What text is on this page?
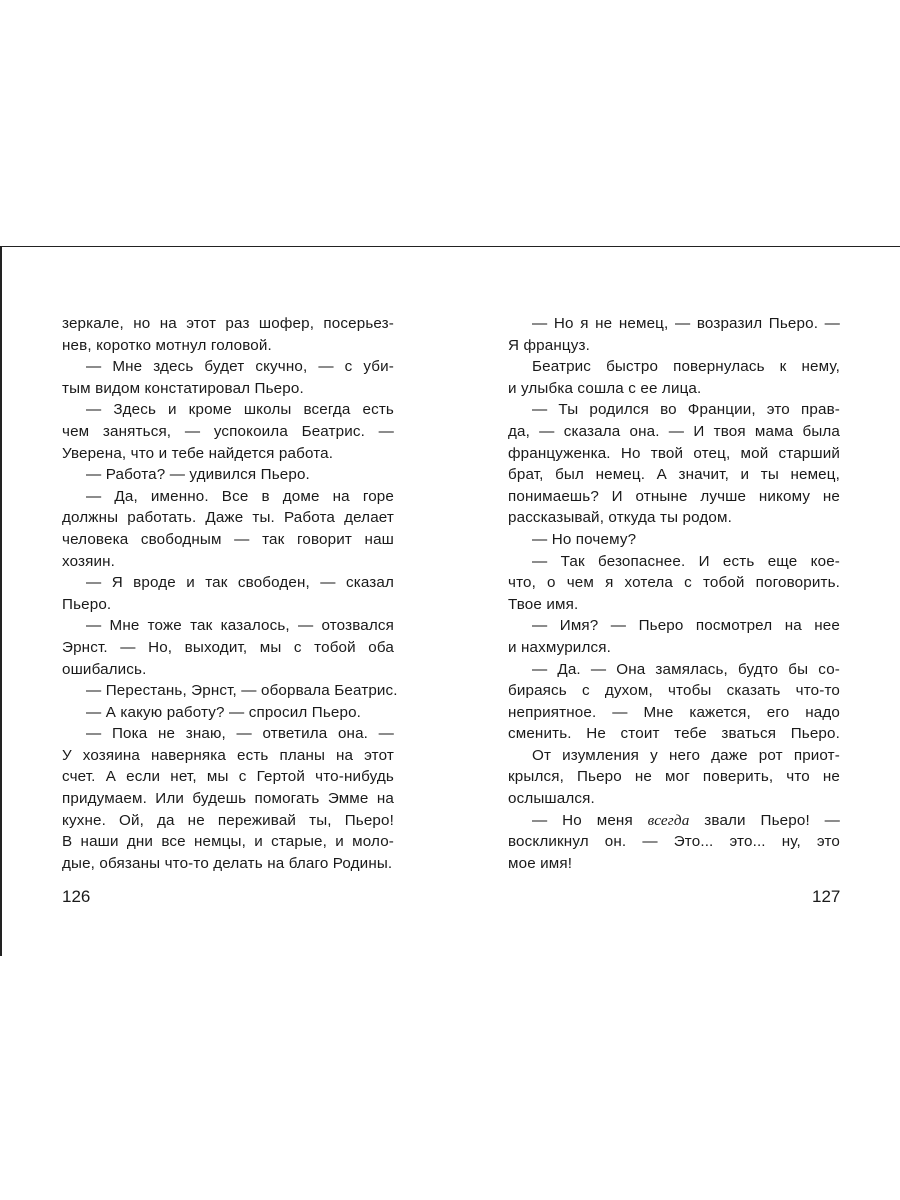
зеркале, но на этот раз шофер, посерьез-
нев, коротко мотнул головой.
— Мне здесь будет скучно, — с уби-
тым видом констатировал Пьеро.
— Здесь и кроме школы всегда есть
чем заняться, — успокоила Беатрис. —
Уверена, что и тебе найдется работа.
— Работа? — удивился Пьеро.
— Да, именно. Все в доме на горе
должны работать. Даже ты. Работа делает
человека свободным — так говорит наш
хозяин.
— Я вроде и так свободен, — сказал
Пьеро.
— Мне тоже так казалось, — отозвался
Эрнст. — Но, выходит, мы с тобой оба
ошибались.
— Перестань, Эрнст, — оборвала Беатрис.
— А какую работу? — спросил Пьеро.
— Пока не знаю, — ответила она. —
У хозяина наверняка есть планы на этот
счет. А если нет, мы с Гертой что-нибудь
придумаем. Или будешь помогать Эмме на
кухне. Ой, да не переживай ты, Пьеро!
В наши дни все немцы, и старые, и моло-
дые, обязаны что-то делать на благо Родины.
126
— Но я не немец, — возразил Пьеро. —
Я француз.
Беатрис быстро повернулась к нему,
и улыбка сошла с ее лица.
— Ты родился во Франции, это прав-
да, — сказала она. — И твоя мама была
француженка. Но твой отец, мой старший
брат, был немец. А значит, и ты немец,
понимаешь? И отныне лучше никому не
рассказывай, откуда ты родом.
— Но почему?
— Так безопаснее. И есть еще кое-
что, о чем я хотела с тобой поговорить.
Твое имя.
— Имя? — Пьеро посмотрел на нее
и нахмурился.
— Да. — Она замялась, будто бы со-
бираясь с духом, чтобы сказать что-то
неприятное. — Мне кажется, его надо
сменить. Не стоит тебе зваться Пьеро.
От изумления у него даже рот приот-
крылся, Пьеро не мог поверить, что не
ослышался.
— Но меня всегда звали Пьеро! —
воскликнул он. — Это... это... ну, это
мое имя!
127
